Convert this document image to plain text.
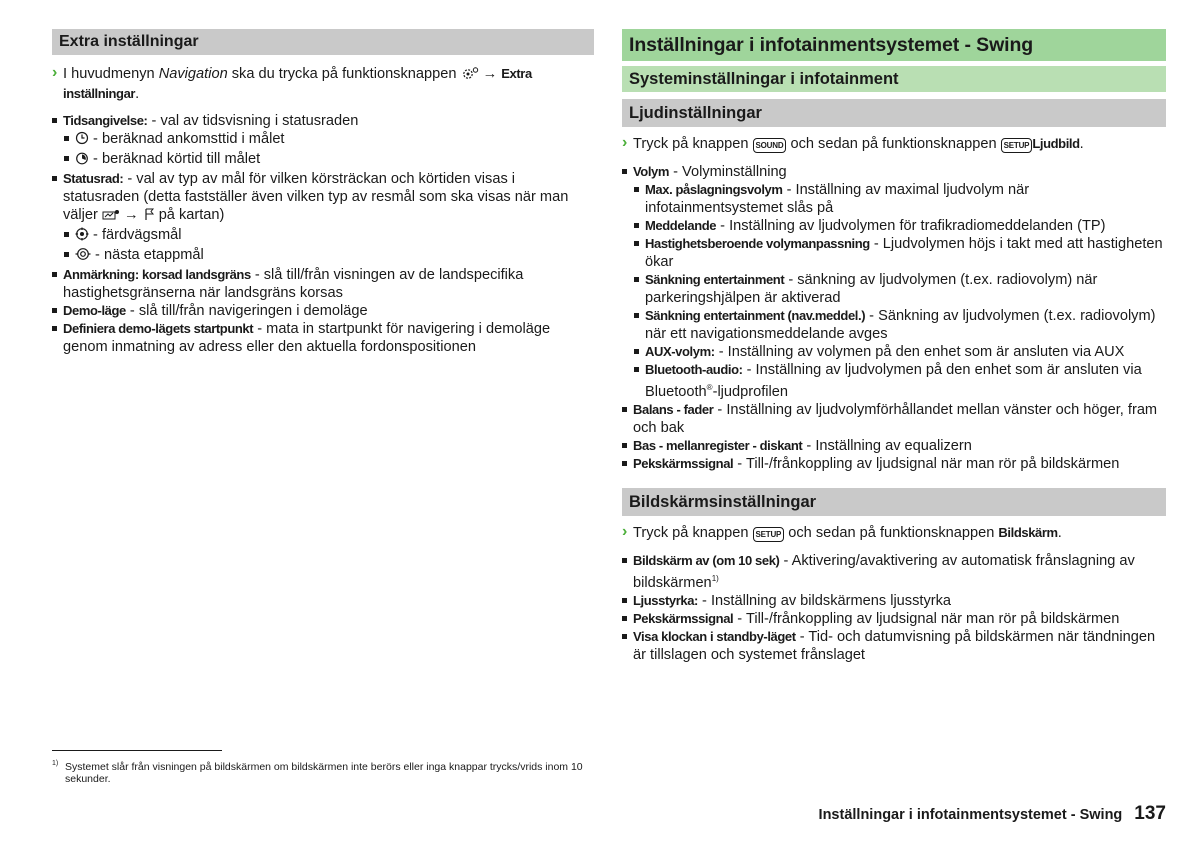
Extra inställningar
› I huvudmenyn Navigation ska du trycka på funktionsknappen  → Extra inställningar.
Tidsangivelse: - val av tidsvisning i statusraden
- beräknad ankomsttid i målet
- beräknad körtid till målet
Statusrad: - val av typ av mål för vilken körsträckan och körtiden visas i statusraden (detta fastställer även vilken typ av resmål som ska visas när man väljer  →  på kartan)
- färdvägsmål
- nästa etappmål
Anmärkning: korsad landsgräns - slå till/från visningen av de landspecifika hastighetsgränserna när landsgräns korsas
Demo-läge - slå till/från navigeringen i demoläge
Definiera demo-lägets startpunkt - mata in startpunkt för navigering i demoläge genom inmatning av adress eller den aktuella fordonspositionen
Inställningar i infotainmentsystemet - Swing
Systeminställningar i infotainment
Ljudinställningar
› Tryck på knappen SOUND och sedan på funktionsknappen SETUP Ljudbild.
Volym - Volyminställning
Max. påslagningsvolym - Inställning av maximal ljudvolym när infotainmentsystemet slås på
Meddelande - Inställning av ljudvolymen för trafikradiomeddelanden (TP)
Hastighetsberoende volymanpassning - Ljudvolymen höjs i takt med att hastigheten ökar
Sänkning entertainment - sänkning av ljudvolymen (t.ex. radiovolym) när parkeringshjälpen är aktiverad
Sänkning entertainment (nav.meddel.) - Sänkning av ljudvolymen (t.ex. radiovolym) när ett navigationsmeddelande avges
AUX-volym: - Inställning av volymen på den enhet som är ansluten via AUX
Bluetooth-audio: - Inställning av ljudvolymen på den enhet som är ansluten via Bluetooth®-ljudprofilen
Balans - fader - Inställning av ljudvolymförhållandet mellan vänster och höger, fram och bak
Bas - mellanregister - diskant - Inställning av equalizern
Pekskärmssignal - Till-/frånkoppling av ljudsignal när man rör på bildskärmen
Bildskärmsinställningar
› Tryck på knappen SETUP och sedan på funktionsknappen Bildskärm.
Bildskärm av (om 10 sek) - Aktivering/avaktivering av automatisk frånslagning av bildskärmen$^{1)}$
Ljusstyrka: - Inställning av bildskärmens ljusstyrka
Pekskärmssignal - Till-/frånkoppling av ljudsignal när man rör på bildskärmen
Visa klockan i standby-läget - Tid- och datumvisning på bildskärmen när tändningen är tillslagen och systemet frånslaget
1) Systemet slår från visningen på bildskärmen om bildskärmen inte berörs eller inga knappar trycks/vrids inom 10 sekunder.
Inställningar i infotainmentsystemet - Swing 137
